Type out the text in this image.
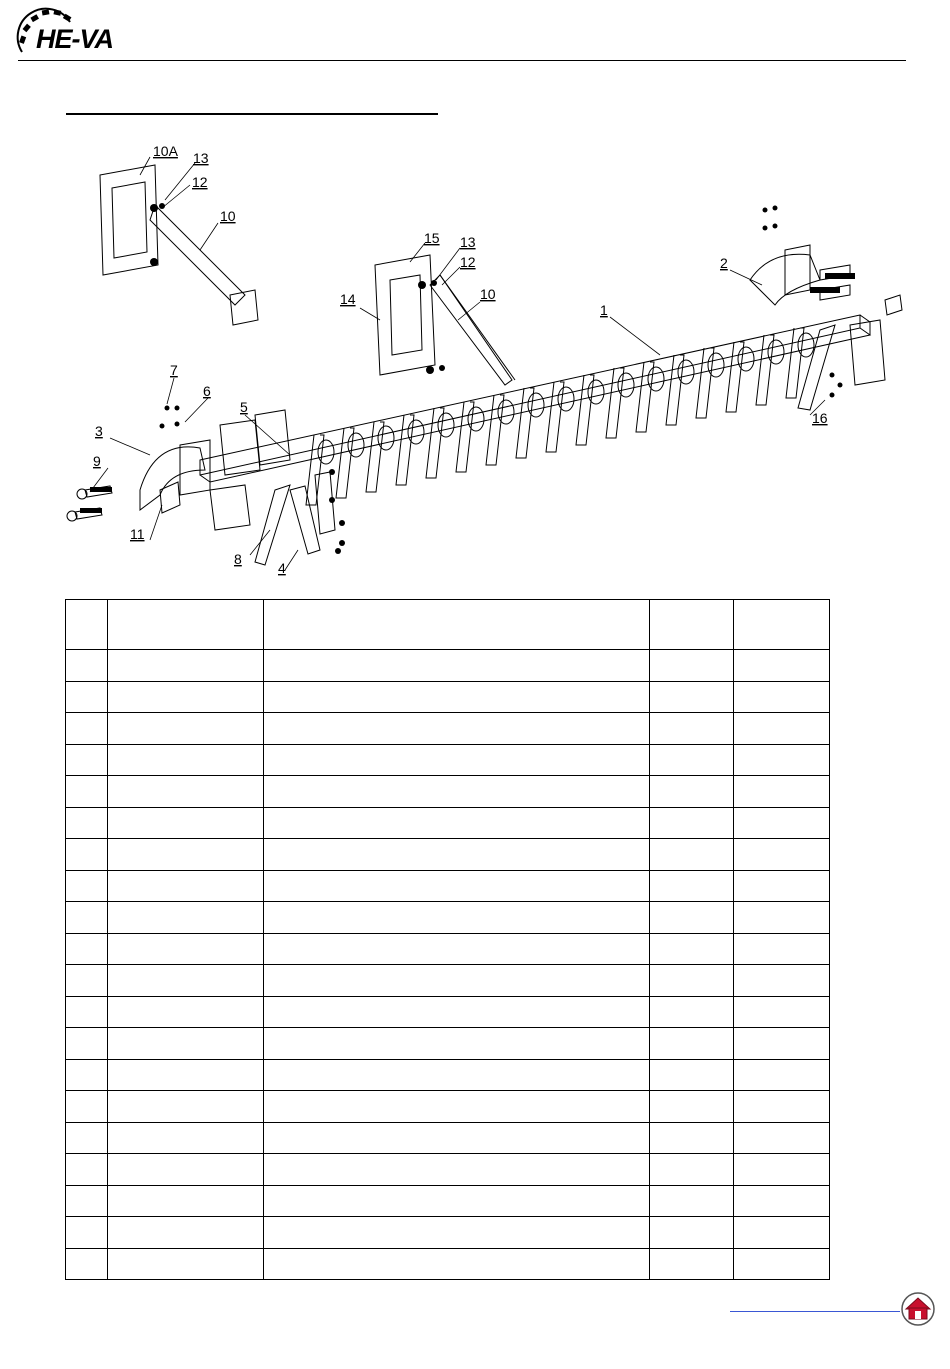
HE-VA
10A 13
12
10
15 13
12
14	10
1
2
7
6
5
3
9
11
8
4
16
